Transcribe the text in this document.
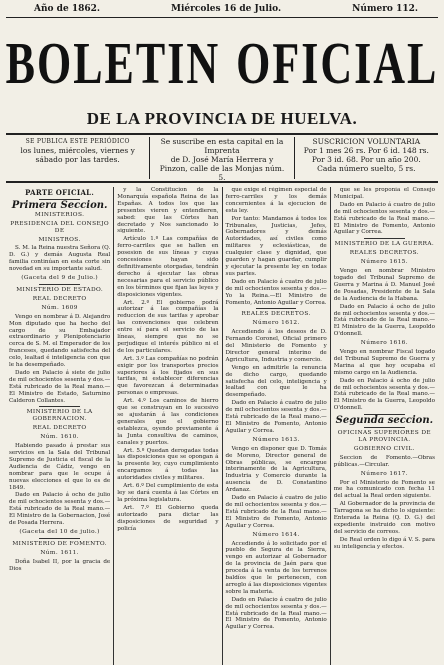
Año de 1862.	Miércoles 16 de Julio.	Número 112.
BOLETIN OFICIAL
DE LA PROVINCIA DE HUELVA.
SE PUBLICA ESTE PERIÓDICO
los lunes, miércoles, viernes y sábado por las tardes.
Se suscribe en esta capital en la Imprenta
de D. José María Herrera y Pinzon, calle de las Monjas núm. 5.
SUSCRICION VOLUNTARIA
Por 1 mes 26 rs. Por 6 id. 148 rs.
Por 3 id. 68. Por un año 200.
Cada número suelto, 5 rs.
PARTE OFICIAL.
Primera Seccion.
MINISTERIOS.
PRESIDENCIA DEL CONSEJO DE
MINISTROS.

S. M. la Reina nuestra Señora (Q. D. G.) y demás Augusta Real familia continúan en esta corte sin novedad en su importante salud.

(Gaceta del 9 de Julio.)
MINISTERIO DE ESTADO.
REAL DECRETO
Núm. 1609

Vengo en nombrar á D. Alejandro Mon diputado que ha hecho del cargo de su Embajador extraordinario y Plenipotenciario cerca de S. M. el Emperador de los franceses, quedando satisfecha del celo, lealtad é inteligencia con que le ha desempeñado.

Dado en Palacio á siete de julio de mil ochocientos sesenta y dos.—Está rubricado de la Real mano.—El Ministro de Estado, Saturnino Calderon Collantes.

MINISTERIO DE LA GOBERNACION.
REAL DECRETO
Núm. 1610.

Habiendo pasado á prestar sus servicios en la Sala del Tribunal Supremo de Justicia el fiscal de la Audiencia de Cádiz, vengo en nombrar para que le ocupe á nuevas elecciones el que lo es de 1849.

Dado en Palacio á ocho de julio de mil ochocientos sesenta y dos.—Está rubricado de la Real mano.—El Ministro de la Gobernacion, José de Posada Herrera.

(Gaceta del 10 de julio.)
MINISTERIO DE FOMENTO.
Núm. 1611.

Doña Isabel II, por la gracia de Dios

y la Constitucion de la Monarquía española Reina de las Españas. A todos los que las presentes vieren y entendieren, sabed: que las Córtes han decretado y Nos sancionado lo siguiente.

Artículo 1.º Las compañías de ferro-carriles que se hallen en posesion de sus líneas y cuyas concesiones hayan sido definitivamente otorgadas, tendrán derecho á ejecutar las obras necesarias para el servicio público en los términos que fijan las leyes y disposiciones vigentes.

Art. 2.º El gobierno podrá autorizar á las compañías la reduccion de sus tarifas y aprobar las convenciones que celebren entre sí para el servicio de las líneas, siempre que no se perjudique el interés público ni el de los particulares.

Art. 3.º Las compañías no podrán exigir por los transportes precios superiores á los fijados en sus tarifas, ni establecer diferencias que favorezcan á determinadas personas o empresas.

Art. 4.º Los caminos de hierro que se construyan en lo sucesivo se ajustarán á las condiciones generales que el gobierno establezca, oyendo previamente á la Junta consultiva de caminos, canales y puertos.

Art. 5.º Quedan derogadas todas las disposiciones que se opongan á la presente ley, cuyo cumplimiento encargamos á todas las autoridades civiles y militares.

Art. 6.º Del cumplimiento de esta ley se dará cuenta á las Córtes en la próxima legislatura.

Art. 7.º El Gobierno queda autorizado para dictar las disposiciones de seguridad y policía

que exige el régimen especial de ferro-carriles y los demás concernientes á la ejecucion de esta ley.

Por tanto: Mandamos á todos los Tribunales, Justicias, Jefes, Gobernadores y demás Autoridades, así civiles como militares y eclesiásticas, de cualquier clase y dignidad, que guarden y hagan guardar, cumplir y ejecutar la presente ley en todas sus partes.

Dado en Palacio á cuatro de julio de mil ochocientos sesenta y dos.—Yo la Reina.—El Ministro de Fomento, Antonio Aguilar y Correa.

REALES DECRETOS.
Número 1612.

Accediendo á los deseos de D. Fernando Coronel, Oficial primero del Ministerio de Fomento y Director general interino de Agricultura, Industria y comercio.

Vengo en admitirle la renuncia de dicho cargo, quedando satisfecha del celo, inteligencia y lealtad con que le ha desempeñado.

Dado en Palacio á cuatro de julio de mil ochocientos sesenta y dos.—Está rubricado de la Real mano.—El Ministro de Fomento, Antonio Aguilar y Correa.

Número 1613.

Vengo en disponer que D. Tomás de Moreno, Director general de Obras públicas, se encargue interinamente de la Agricultura, Industria y Comercio durante la ausencia de D. Constantino Ardanaz.

Dado en Palacio á cuatro de julio de mil ochocientos sesenta y dos.—Está rubricado de la Real mano.—El Ministro de Fomento, Antonio Aguilar y Correa.

Número 1614.

Accediendo á lo solicitado por el pueblo de Segura de la Sierra, vengo en autorizar al Gobernador de la provincia de Jaén para que proceda á la venta de los terrenos baldíos que le pertenecen, con arreglo á las disposiciones vigentes sobre la materia.

Dado en Palacio á cuatro de julio de mil ochocientos sesenta y dos.—Está rubricado de la Real mano.—El Ministro de Fomento, Antonio Aguilar y Correa.

que se les proponía el Consejo Municipal.

Dado en Palacio á cuatro de julio de mil ochocientos sesenta y dos.—Está rubricado de la Real mano.—El Ministro de Fomento, Antonio Aguilar y Correa.

MINISTERIO DE LA GUERRA.
REALES DECRETOS.
Número 1615.

Vengo en nombrar Ministro togado del Tribunal Supremo de Guerra y Marina á D. Manuel José de Posadas, Presidente de la Sala de la Audiencia de la Habana.

Dado en Palacio á ocho de julio de mil ochocientos sesenta y dos.—Está rubricado de la Real mano.—El Ministro de la Guerra, Leopoldo O'donnell.

Número 1616.

Vengo en nombrar Fiscal togado del Tribunal Supremo de Guerra y Marina al que hoy ocupaba el mismo cargo en la Audiencia.

Dado en Palacio á ocho de julio de mil ochocientos sesenta y dos.—Está rubricado de la Real mano.—El Ministro de la Guerra, Leopoldo O'donnell.

Segunda seccion.
OFICINAS SUPERIORES DE LA PROVINCIA.
GOBIERNO CIVIL.

Seccion de Fomento.—Obras públicas.—Circular.

Número 1617.

Por el Ministerio de Fomento se me ha comunicado con fecha 11 del actual la Real orden siguiente.

Al Gobernador de la provincia de Tarragona se ha dicho lo siguiente: Enterada la Reina (Q. D. G.) del expediente instruido con motivo del servicio de correos.

De Real orden lo digo á V. S. para su inteligencia y efectos.
